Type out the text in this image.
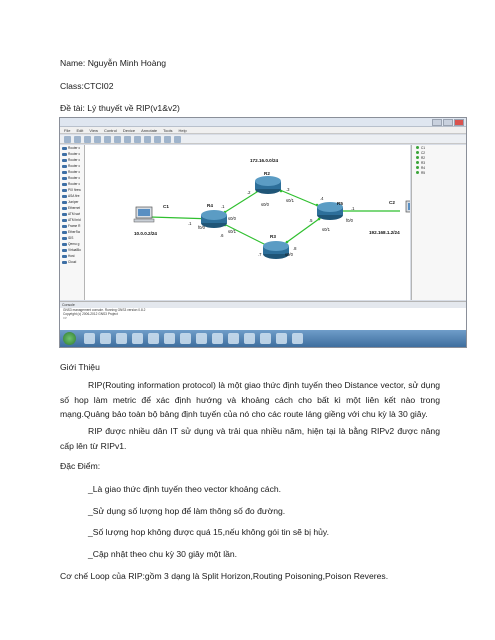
Name: Nguyễn Minh Hoàng
Class:CTCI02
Đề tài: Lý thuyết về RIP(v1&v2)
File Edit View Control Device Annotate Tools Help
Router c
Router c
Router c
Router c
Router c
Router c
Router c
PIX firew
ASA fire
Juniper
Ethernet
ATM swi
ATM brid
Frame R
EtherSw
IDS
Qemu g
VirtualBo
Host
Cloud
172.16.0.0/24
R2
R4	R5
R3
C1
C2
10.0.0.2/24	192.168.1.2/24
.2
.3
s0/0
s0/1
.1
s0/0
.1
f0/0
.6
s0/1
.4
.1
f0/0
.5
s0/1
.7
.8
s0/0
C1
C2
R2
R3
R4
R5
Console
GNS3 management console. Running GNS3 version 0.8.2
Copyright (c) 2006-2012 GNS3 Project
=>
Giới Thiệu
RIP(Routing information protocol) là một giao thức định tuyến theo Distance vector, sử dụng số hop làm metric để xác định hướng và khoảng cách cho bất kì một liên kết nào trong mạng.Quảng bảo toàn bộ bảng định tuyến của nó cho các route láng giềng với chu kỳ là 30 giây.
RIP được nhiều dân IT sử dụng và trải qua nhiều năm, hiện tại là bằng RIPv2 được nâng cấp lên từ RIPv1.
Đặc Điểm:
_Là giao thức định tuyến theo vector khoảng cách.
_Sử dụng số lượng hop để làm thông số đo đường.
_Số lượng hop không được quá 15,nếu không gói tin sẽ bị hủy.
_Cập nhật theo chu kỳ 30 giây một lần.
Cơ chế Loop của RIP:gồm 3 dạng là Split Horizon,Routing Poisoning,Poison Reveres.
